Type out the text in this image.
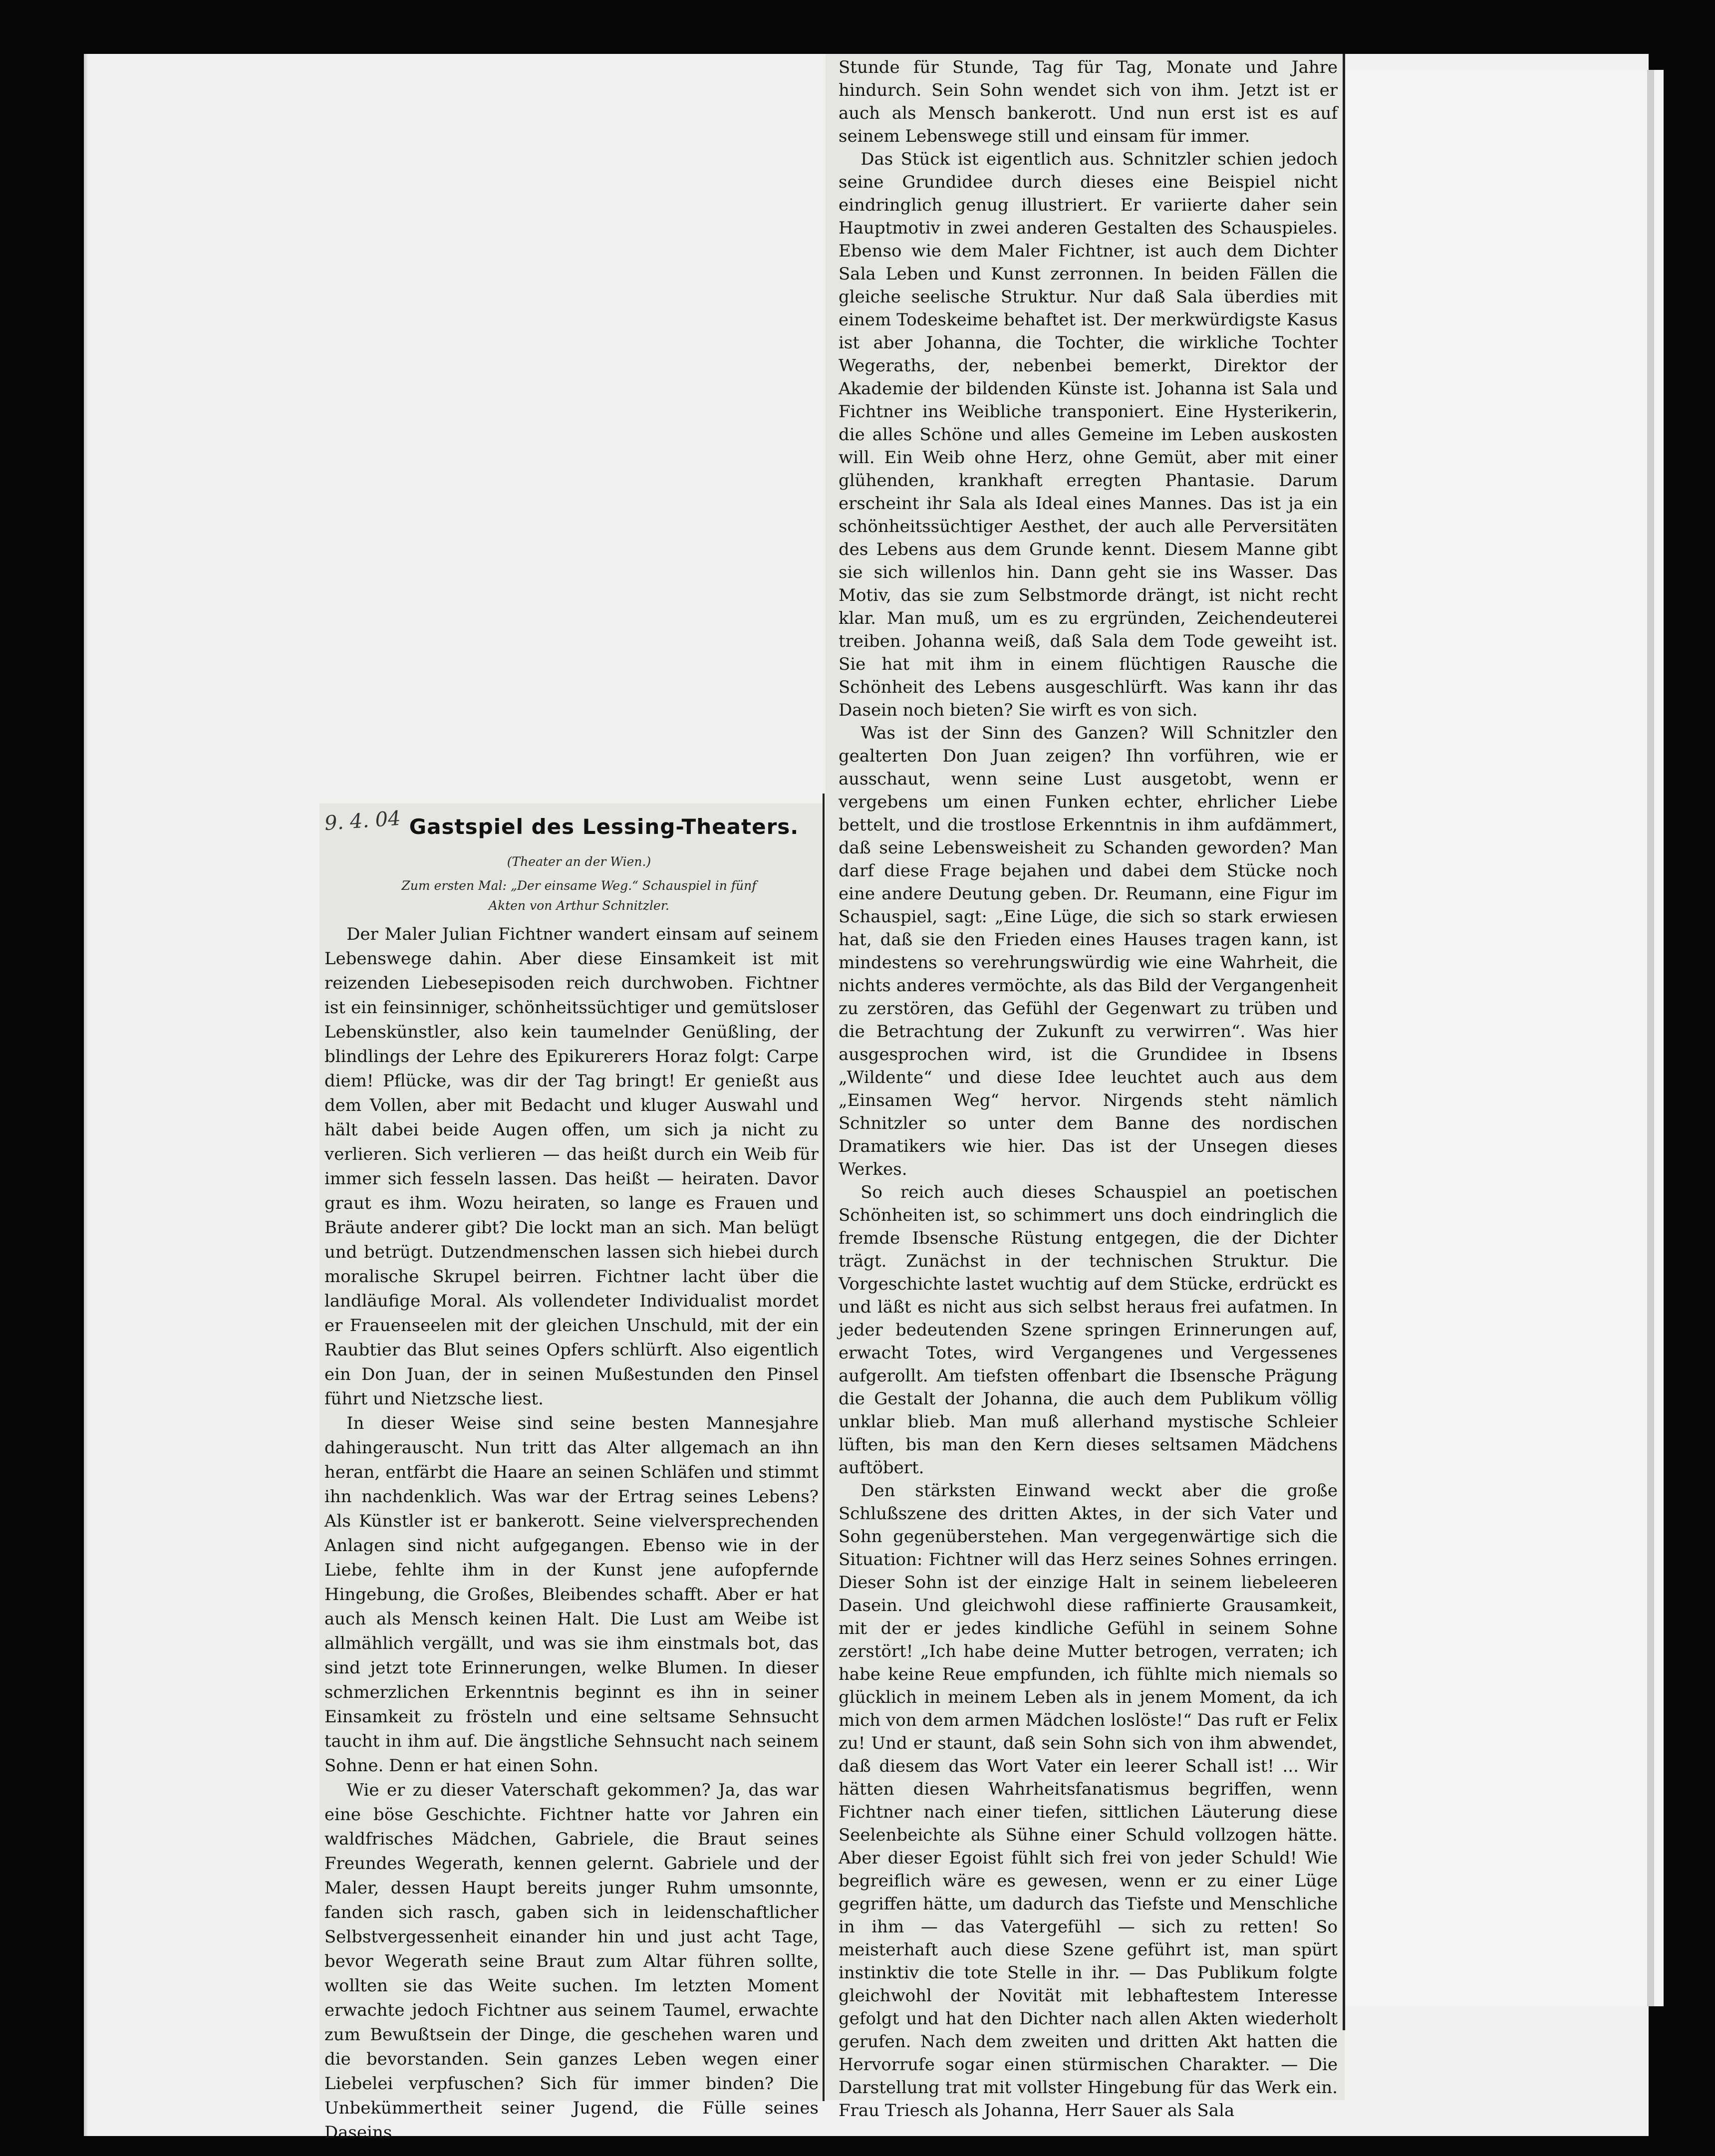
9. 4. 04 Gastspiel des Lessing-Theaters.
(Theater an der Wien.)
Zum ersten Mal: „Der einsame Weg.“ Schauspiel in fünf
Akten von Arthur Schnitzler.

Der Maler Julian Fichtner wandert einsam auf seinem Lebenswege dahin. Aber diese Einsamkeit ist mit reizenden Liebesepisoden reich durchwoben. Fichtner ist ein feinsinniger, schönheitssüchtiger und gemütsloser Lebenskünstler, also kein taumelnder Genüßling, der blindlings der Lehre des Epikurerers Horaz folgt: Carpe diem! Pflücke, was dir der Tag bringt! Er genießt aus dem Vollen, aber mit Bedacht und kluger Auswahl und hält dabei beide Augen offen, um sich ja nicht zu verlieren. Sich verlieren — das heißt durch ein Weib für immer sich fesseln lassen. Das heißt — heiraten. Davor graut es ihm. Wozu heiraten, so lange es Frauen und Bräute anderer gibt? Die lockt man an sich. Man belügt und betrügt. Dutzendmenschen lassen sich hiebei durch moralische Skrupel beirren. Fichtner lacht über die landläufige Moral. Als vollendeter Individualist mordet er Frauenseelen mit der gleichen Unschuld, mit der ein Raubtier das Blut seines Opfers schlürft. Also eigentlich ein Don Juan, der in seinen Mußestunden den Pinsel führt und Nietzsche liest.

In dieser Weise sind seine besten Mannesjahre dahingerauscht. Nun tritt das Alter allgemach an ihn heran, entfärbt die Haare an seinen Schläfen und stimmt ihn nachdenklich. Was war der Ertrag seines Lebens? Als Künstler ist er bankerott. Seine vielversprechenden Anlagen sind nicht aufgegangen. Ebenso wie in der Liebe, fehlte ihm in der Kunst jene aufopfernde Hingebung, die Großes, Bleibendes schafft. Aber er hat auch als Mensch keinen Halt. Die Lust am Weibe ist allmählich vergällt, und was sie ihm einstmals bot, das sind jetzt tote Erinnerungen, welke Blumen. In dieser schmerzlichen Erkenntnis beginnt es ihn in seiner Einsamkeit zu frösteln und eine seltsame Sehnsucht taucht in ihm auf. Die ängstliche Sehnsucht nach seinem Sohne. Denn er hat einen Sohn.

Wie er zu dieser Vaterschaft gekommen? Ja, das war eine böse Geschichte. Fichtner hatte vor Jahren ein waldfrisches Mädchen, Gabriele, die Braut seines Freundes Wegerath, kennen gelernt. Gabriele und der Maler, dessen Haupt bereits junger Ruhm umsonnte, fanden sich rasch, gaben sich in leidenschaftlicher Selbstvergessenheit einander hin und just acht Tage, bevor Wegerath seine Braut zum Altar führen sollte, wollten sie das Weite suchen. Im letzten Moment erwachte jedoch Fichtner aus seinem Taumel, erwachte zum Bewußtsein der Dinge, die geschehen waren und die bevorstanden. Sein ganzes Leben wegen einer Liebelei verpfuschen? Sich für immer binden? Die Unbekümmertheit seiner Jugend, die Fülle seines Daseins

Stunde für Stunde, Tag für Tag, Monate und Jahre hindurch. Sein Sohn wendet sich von ihm. Jetzt ist er auch als Mensch bankerott. Und nun erst ist es auf seinem Lebenswege still und einsam für immer.

Das Stück ist eigentlich aus. Schnitzler schien jedoch seine Grundidee durch dieses eine Beispiel nicht eindringlich genug illustriert. Er variierte daher sein Hauptmotiv in zwei anderen Gestalten des Schauspieles. Ebenso wie dem Maler Fichtner, ist auch dem Dichter Sala Leben und Kunst zerronnen. In beiden Fällen die gleiche seelische Struktur. Nur daß Sala überdies mit einem Todeskeime behaftet ist. Der merkwürdigste Kasus ist aber Johanna, die Tochter, die wirkliche Tochter Wegeraths, der, nebenbei bemerkt, Direktor der Akademie der bildenden Künste ist. Johanna ist Sala und Fichtner ins Weibliche transponiert. Eine Hysterikerin, die alles Schöne und alles Gemeine im Leben auskosten will. Ein Weib ohne Herz, ohne Gemüt, aber mit einer glühenden, krankhaft erregten Phantasie. Darum erscheint ihr Sala als Ideal eines Mannes. Das ist ja ein schönheitssüchtiger Aesthet, der auch alle Perversitäten des Lebens aus dem Grunde kennt. Diesem Manne gibt sie sich willenlos hin. Dann geht sie ins Wasser. Das Motiv, das sie zum Selbstmorde drängt, ist nicht recht klar. Man muß, um es zu ergründen, Zeichendeuterei treiben. Johanna weiß, daß Sala dem Tode geweiht ist. Sie hat mit ihm in einem flüchtigen Rausche die Schönheit des Lebens ausgeschlürft. Was kann ihr das Dasein noch bieten? Sie wirft es von sich.

Was ist der Sinn des Ganzen? Will Schnitzler den gealterten Don Juan zeigen? Ihn vorführen, wie er ausschaut, wenn seine Lust ausgetobt, wenn er vergebens um einen Funken echter, ehrlicher Liebe bettelt, und die trostlose Erkenntnis in ihm aufdämmert, daß seine Lebensweisheit zu Schanden geworden? Man darf diese Frage bejahen und dabei dem Stücke noch eine andere Deutung geben. Dr. Reumann, eine Figur im Schauspiel, sagt: „Eine Lüge, die sich so stark erwiesen hat, daß sie den Frieden eines Hauses tragen kann, ist mindestens so verehrungswürdig wie eine Wahrheit, die nichts anderes vermöchte, als das Bild der Vergangenheit zu zerstören, das Gefühl der Gegenwart zu trüben und die Betrachtung der Zukunft zu verwirren“. Was hier ausgesprochen wird, ist die Grundidee in Ibsens „Wildente“ und diese Idee leuchtet auch aus dem „Einsamen Weg“ hervor. Nirgends steht nämlich Schnitzler so unter dem Banne des nordischen Dramatikers wie hier. Das ist der Unsegen dieses Werkes.

So reich auch dieses Schauspiel an poetischen Schönheiten ist, so schimmert uns doch eindringlich die fremde Ibsensche Rüstung entgegen, die der Dichter trägt. Zunächst in der technischen Struktur. Die Vorgeschichte lastet wuchtig auf dem Stücke, erdrückt es und läßt es nicht aus sich selbst heraus frei aufatmen. In jeder bedeutenden Szene springen Erinnerungen auf, erwacht Totes, wird Vergangenes und Vergessenes aufgerollt. Am tiefsten offenbart die Ibsensche Prägung die Gestalt der Johanna, die auch dem Publikum völlig unklar blieb. Man muß allerhand mystische Schleier lüften, bis man den Kern dieses seltsamen Mädchens auftöbert.

Den stärksten Einwand weckt aber die große Schlußszene des dritten Aktes, in der sich Vater und Sohn gegenüberstehen. Man vergegenwärtige sich die Situation: Fichtner will das Herz seines Sohnes erringen. Dieser Sohn ist der einzige Halt in seinem liebeleeren Dasein. Und gleichwohl diese raffinierte Grausamkeit, mit der er jedes kindliche Gefühl in seinem Sohne zerstört! „Ich habe deine Mutter betrogen, verraten; ich habe keine Reue empfunden, ich fühlte mich niemals so glücklich in meinem Leben als in jenem Moment, da ich mich von dem armen Mädchen loslöste!“ Das ruft er Felix zu! Und er staunt, daß sein Sohn sich von ihm abwendet, daß diesem das Wort Vater ein leerer Schall ist! ... Wir hätten diesen Wahrheitsfanatismus begriffen, wenn Fichtner nach einer tiefen, sittlichen Läuterung diese Seelenbeichte als Sühne einer Schuld vollzogen hätte. Aber dieser Egoist fühlt sich frei von jeder Schuld! Wie begreiflich wäre es gewesen, wenn er zu einer Lüge gegriffen hätte, um dadurch das Tiefste und Menschliche in ihm — das Vatergefühl — sich zu retten! So meisterhaft auch diese Szene geführt ist, man spürt instinktiv die tote Stelle in ihr. — Das Publikum folgte gleichwohl der Novität mit lebhaftestem Interesse gefolgt und hat den Dichter nach allen Akten wiederholt gerufen. Nach dem zweiten und dritten Akt hatten die Hervorrufe sogar einen stürmischen Charakter. — Die Darstellung trat mit vollster Hingebung für das Werk ein. Frau Triesch als Johanna, Herr Sauer als Sala
